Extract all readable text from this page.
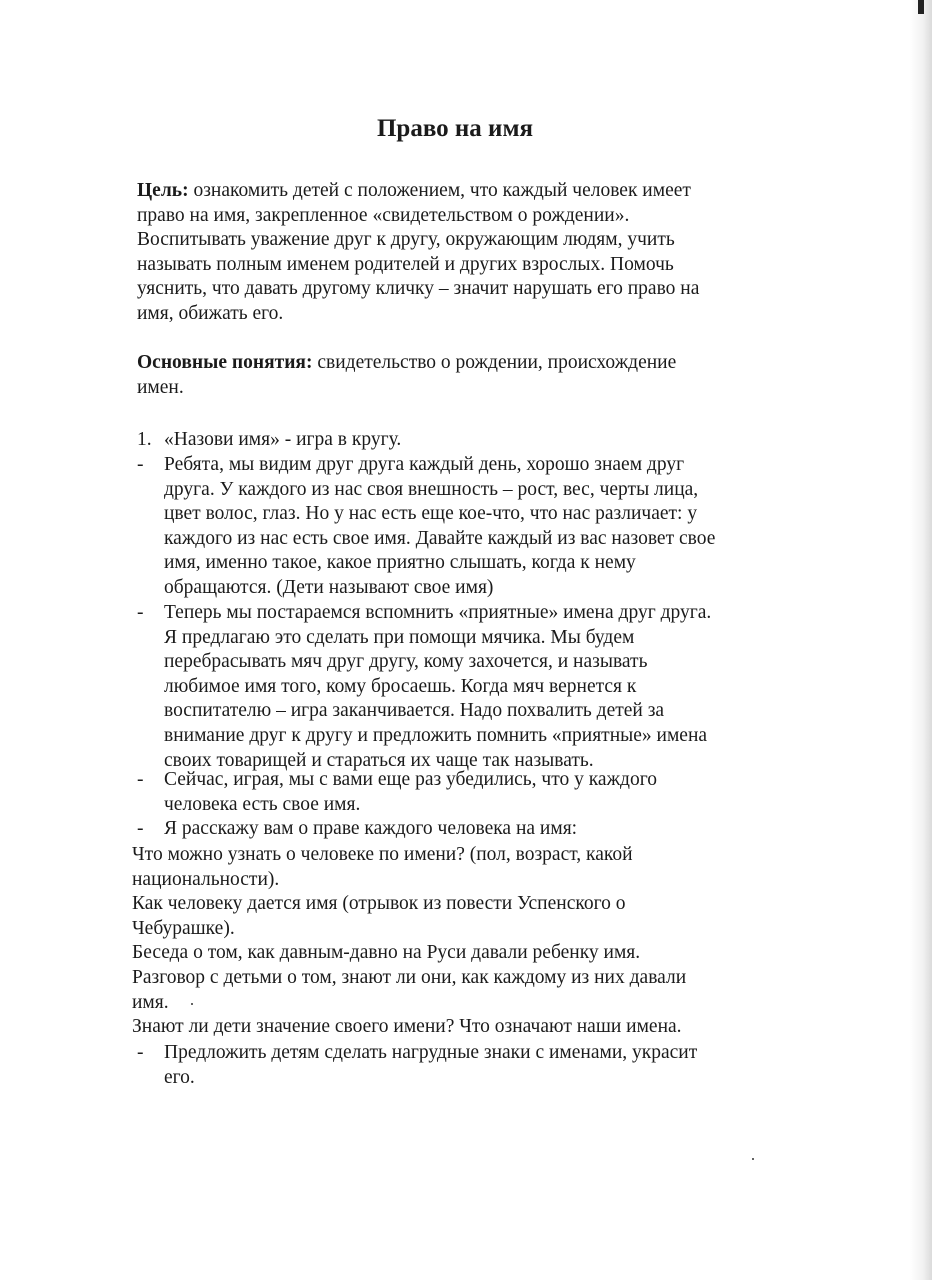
Право на имя
Цель: ознакомить детей с положением, что каждый человек имеет
право на имя, закрепленное «свидетельством о рождении».
Воспитывать уважение друг к другу, окружающим людям, учить
называть полным именем родителей и других взрослых. Помочь
уяснить, что давать другому кличку – значит нарушать его право на
имя, обижать его.
Основные понятия: свидетельство о рождении, происхождение
имен.
1. «Назови имя» - игра в кругу.
- Ребята, мы видим друг друга каждый день, хорошо знаем друг
друга. У каждого из нас своя внешность – рост, вес, черты лица,
цвет волос, глаз. Но у нас есть еще кое-что, что нас различает: у
каждого из нас есть свое имя. Давайте каждый из вас назовет свое
имя, именно такое, какое приятно слышать, когда к нему
обращаются. (Дети называют свое имя)
- Теперь мы постараемся вспомнить «приятные» имена друг друга.
Я предлагаю это сделать при помощи мячика. Мы будем
перебрасывать мяч друг другу, кому захочется, и называть
любимое имя того, кому бросаешь. Когда мяч вернется к
воспитателю – игра заканчивается. Надо похвалить детей за
внимание друг к другу и предложить помнить «приятные» имена
своих товарищей и стараться их чаще так называть.
- Сейчас, играя, мы с вами еще раз убедились, что у каждого
человека есть свое имя.
- Я расскажу вам о праве каждого человека на имя:
Что можно узнать о человеке по имени? (пол, возраст, какой
национальности).
Как человеку дается имя (отрывок из повести Успенского о
Чебурашке).
Беседа о том, как давным-давно на Руси давали ребенку имя.
Разговор с детьми о том, знают ли они, как каждому из них давали
имя.
Знают ли дети значение своего имени? Что означают наши имена.
- Предложить детям сделать нагрудные знаки с именами, украсит
его.
